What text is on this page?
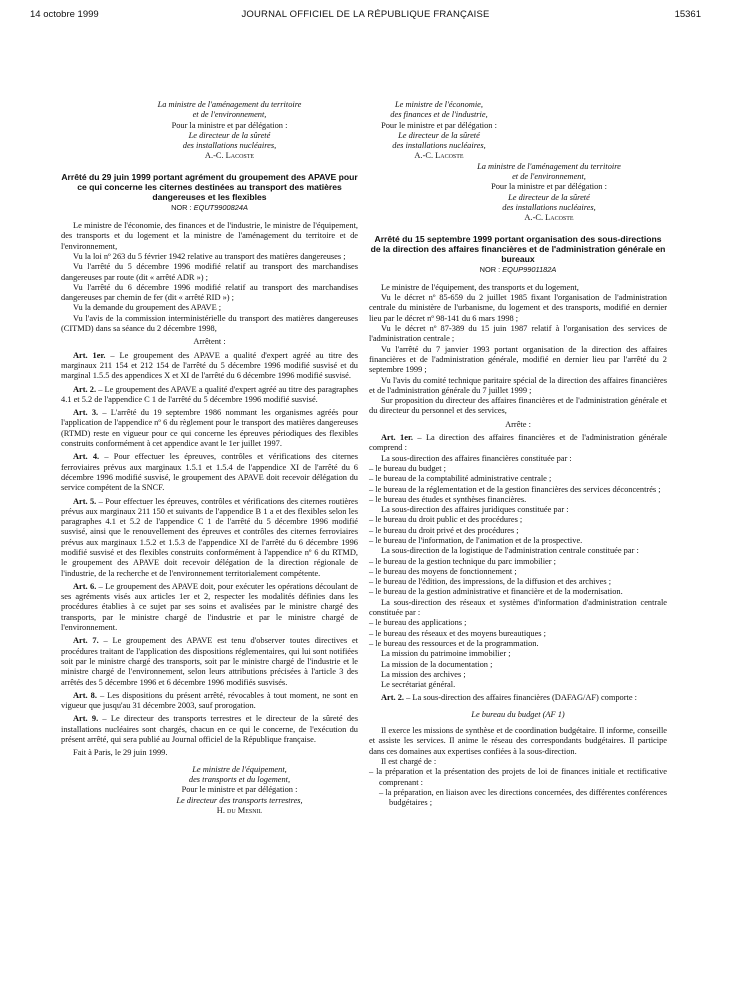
14 octobre 1999	JOURNAL OFFICIEL DE LA RÉPUBLIQUE FRANÇAISE	15361

La ministre de l'aménagement du territoire

et de l'environnement,

Pour la ministre et par délégation :

Le directeur de la sûreté

des installations nucléaires,

A.-C. Lacoste

Arrêté du 29 juin 1999 portant agrément du groupement des APAVE pour ce qui concerne les citernes destinées au transport des matières dangereuses et les flexibles

NOR : EQUT9900824A

Le ministre de l'économie, des finances et de l'industrie, le ministre de l'équipement, des transports et du logement et la ministre de l'aménagement du territoire et de l'environnement,

Vu la loi nº 263 du 5 février 1942 relative au transport des matières dangereuses ;

Vu l'arrêté du 5 décembre 1996 modifié relatif au transport des marchandises dangereuses par route (dit « arrêté ADR ») ;

Vu l'arrêté du 6 décembre 1996 modifié relatif au transport des marchandises dangereuses par chemin de fer (dit « arrêté RID ») ;

Vu la demande du groupement des APAVE ;

Vu l'avis de la commission interministérielle du transport des matières dangereuses (CITMD) dans sa séance du 2 décembre 1998,

Arrêtent :

Art. 1er. – Le groupement des APAVE a qualité d'expert agréé au titre des marginaux 211 154 et 212 154 de l'arrêté du 5 décembre 1996 modifié susvisé et du marginal 1.5.5 des appendices X et XI de l'arrêté du 6 décembre 1996 modifié susvisé.

Art. 2. – Le groupement des APAVE a qualité d'expert agréé au titre des paragraphes 4.1 et 5.2 de l'appendice C 1 de l'arrêté du 5 décembre 1996 modifié susvisé.

Art. 3. – L'arrêté du 19 septembre 1986 nommant les organismes agréés pour l'application de l'appendice nº 6 du règlement pour le transport des matières dangereuses (RTMD) reste en vigueur pour ce qui concerne les épreuves périodiques des flexibles construits conformément à cet appendice avant le 1er juillet 1997.

Art. 4. – Pour effectuer les épreuves, contrôles et vérifications des citernes ferroviaires prévus aux marginaux 1.5.1 et 1.5.4 de l'appendice XI de l'arrêté du 6 décembre 1996 modifié susvisé, le groupement des APAVE doit recevoir délégation du service compétent de la SNCF.

Art. 5. – Pour effectuer les épreuves, contrôles et vérifications des citernes routières prévus aux marginaux 211 150 et suivants de l'appendice B 1 a et des flexibles selon les paragraphes 4.1 et 5.2 de l'appendice C 1 de l'arrêté du 5 décembre 1996 modifié susvisé, ainsi que le renouvellement des épreuves et contrôles des citernes ferroviaires prévus aux marginaux 1.5.2 et 1.5.3 de l'appendice XI de l'arrêté du 6 décembre 1996 modifié susvisé et des flexibles construits conformément à l'appendice nº 6 du RTMD, le groupement des APAVE doit recevoir délégation de la direction régionale de l'industrie, de la recherche et de l'environnement territorialement compétente.

Art. 6. – Le groupement des APAVE doit, pour exécuter les opérations découlant de ses agréments visés aux articles 1er et 2, respecter les modalités définies dans les procédures établies à ce sujet par ses soins et avalisées par le ministre chargé des transports, par le ministre chargé de l'industrie et par le ministre chargé de l'environnement.

Art. 7. – Le groupement des APAVE est tenu d'observer toutes directives et procédures traitant de l'application des dispositions réglementaires, qui lui sont notifiées soit par le ministre chargé des transports, soit par le ministre chargé de l'industrie et le ministre chargé de l'environnement, selon leurs attributions précisées à l'article 3 des arrêtés des 5 décembre 1996 et 6 décembre 1996 modifiés susvisés.

Art. 8. – Les dispositions du présent arrêté, révocables à tout moment, ne sont en vigueur que jusqu'au 31 décembre 2003, sauf prorogation.

Art. 9. – Le directeur des transports terrestres et le directeur de la sûreté des installations nucléaires sont chargés, chacun en ce qui le concerne, de l'exécution du présent arrêté, qui sera publié au Journal officiel de la République française.

Fait à Paris, le 29 juin 1999.

Le ministre de l'équipement,

des transports et du logement,

Pour le ministre et par délégation :

Le directeur des transports terrestres,

H. du Mesnil

Le ministre de l'économie,

des finances et de l'industrie,

Pour le ministre et par délégation :

Le directeur de la sûreté

des installations nucléaires,

A.-C. Lacoste

La ministre de l'aménagement du territoire

et de l'environnement,

Pour la ministre et par délégation :

Le directeur de la sûreté

des installations nucléaires,

A.-C. Lacoste

Arrêté du 15 septembre 1999 portant organisation des sous-directions de la direction des affaires financières et de l'administration générale en bureaux

NOR : EQUP9901182A

Le ministre de l'équipement, des transports et du logement,

Vu le décret nº 85-659 du 2 juillet 1985 fixant l'organisation de l'administration centrale du ministère de l'urbanisme, du logement et des transports, modifié en dernier lieu par le décret nº 98-141 du 6 mars 1998 ;

Vu le décret nº 87-389 du 15 juin 1987 relatif à l'organisation des services de l'administration centrale ;

Vu l'arrêté du 7 janvier 1993 portant organisation de la direction des affaires financières et de l'administration générale, modifié en dernier lieu par l'arrêté du 2 septembre 1999 ;

Vu l'avis du comité technique paritaire spécial de la direction des affaires financières et de l'administration générale du 7 juillet 1999 ;

Sur proposition du directeur des affaires financières et de l'administration générale et du directeur du personnel et des services,

Arrête :

Art. 1er. – La direction des affaires financières et de l'administration générale comprend :

La sous-direction des affaires financières constituée par :

– le bureau du budget ;
– le bureau de la comptabilité administrative centrale ;
– le bureau de la réglementation et de la gestion financières des services déconcentrés ;
– le bureau des études et synthèses financières.

La sous-direction des affaires juridiques constituée par :

– le bureau du droit public et des procédures ;
– le bureau du droit privé et des procédures ;
– le bureau de l'information, de l'animation et de la prospective.

La sous-direction de la logistique de l'administration centrale constituée par :

– le bureau de la gestion technique du parc immobilier ;
– le bureau des moyens de fonctionnement ;
– le bureau de l'édition, des impressions, de la diffusion et des archives ;
– le bureau de la gestion administrative et financière et de la modernisation.

La sous-direction des réseaux et systèmes d'information d'administration centrale constituée par :

– le bureau des applications ;
– le bureau des réseaux et des moyens bureautiques ;
– le bureau des ressources et de la programmation.

La mission du patrimoine immobilier ;

La mission de la documentation ;

La mission des archives ;

Le secrétariat général.

Art. 2. – La sous-direction des affaires financières (DAFAG/AF) comporte :

Le bureau du budget (AF 1)

Il exerce les missions de synthèse et de coordination budgétaire. Il informe, conseille et assiste les services. Il anime le réseau des correspondants budgétaires. Il participe dans ces domaines aux expertises confiées à la sous-direction.

Il est chargé de :

– la préparation et la présentation des projets de loi de finances initiale et rectificative comprenant :
– la préparation, en liaison avec les directions concernées, des différentes conférences budgétaires ;
